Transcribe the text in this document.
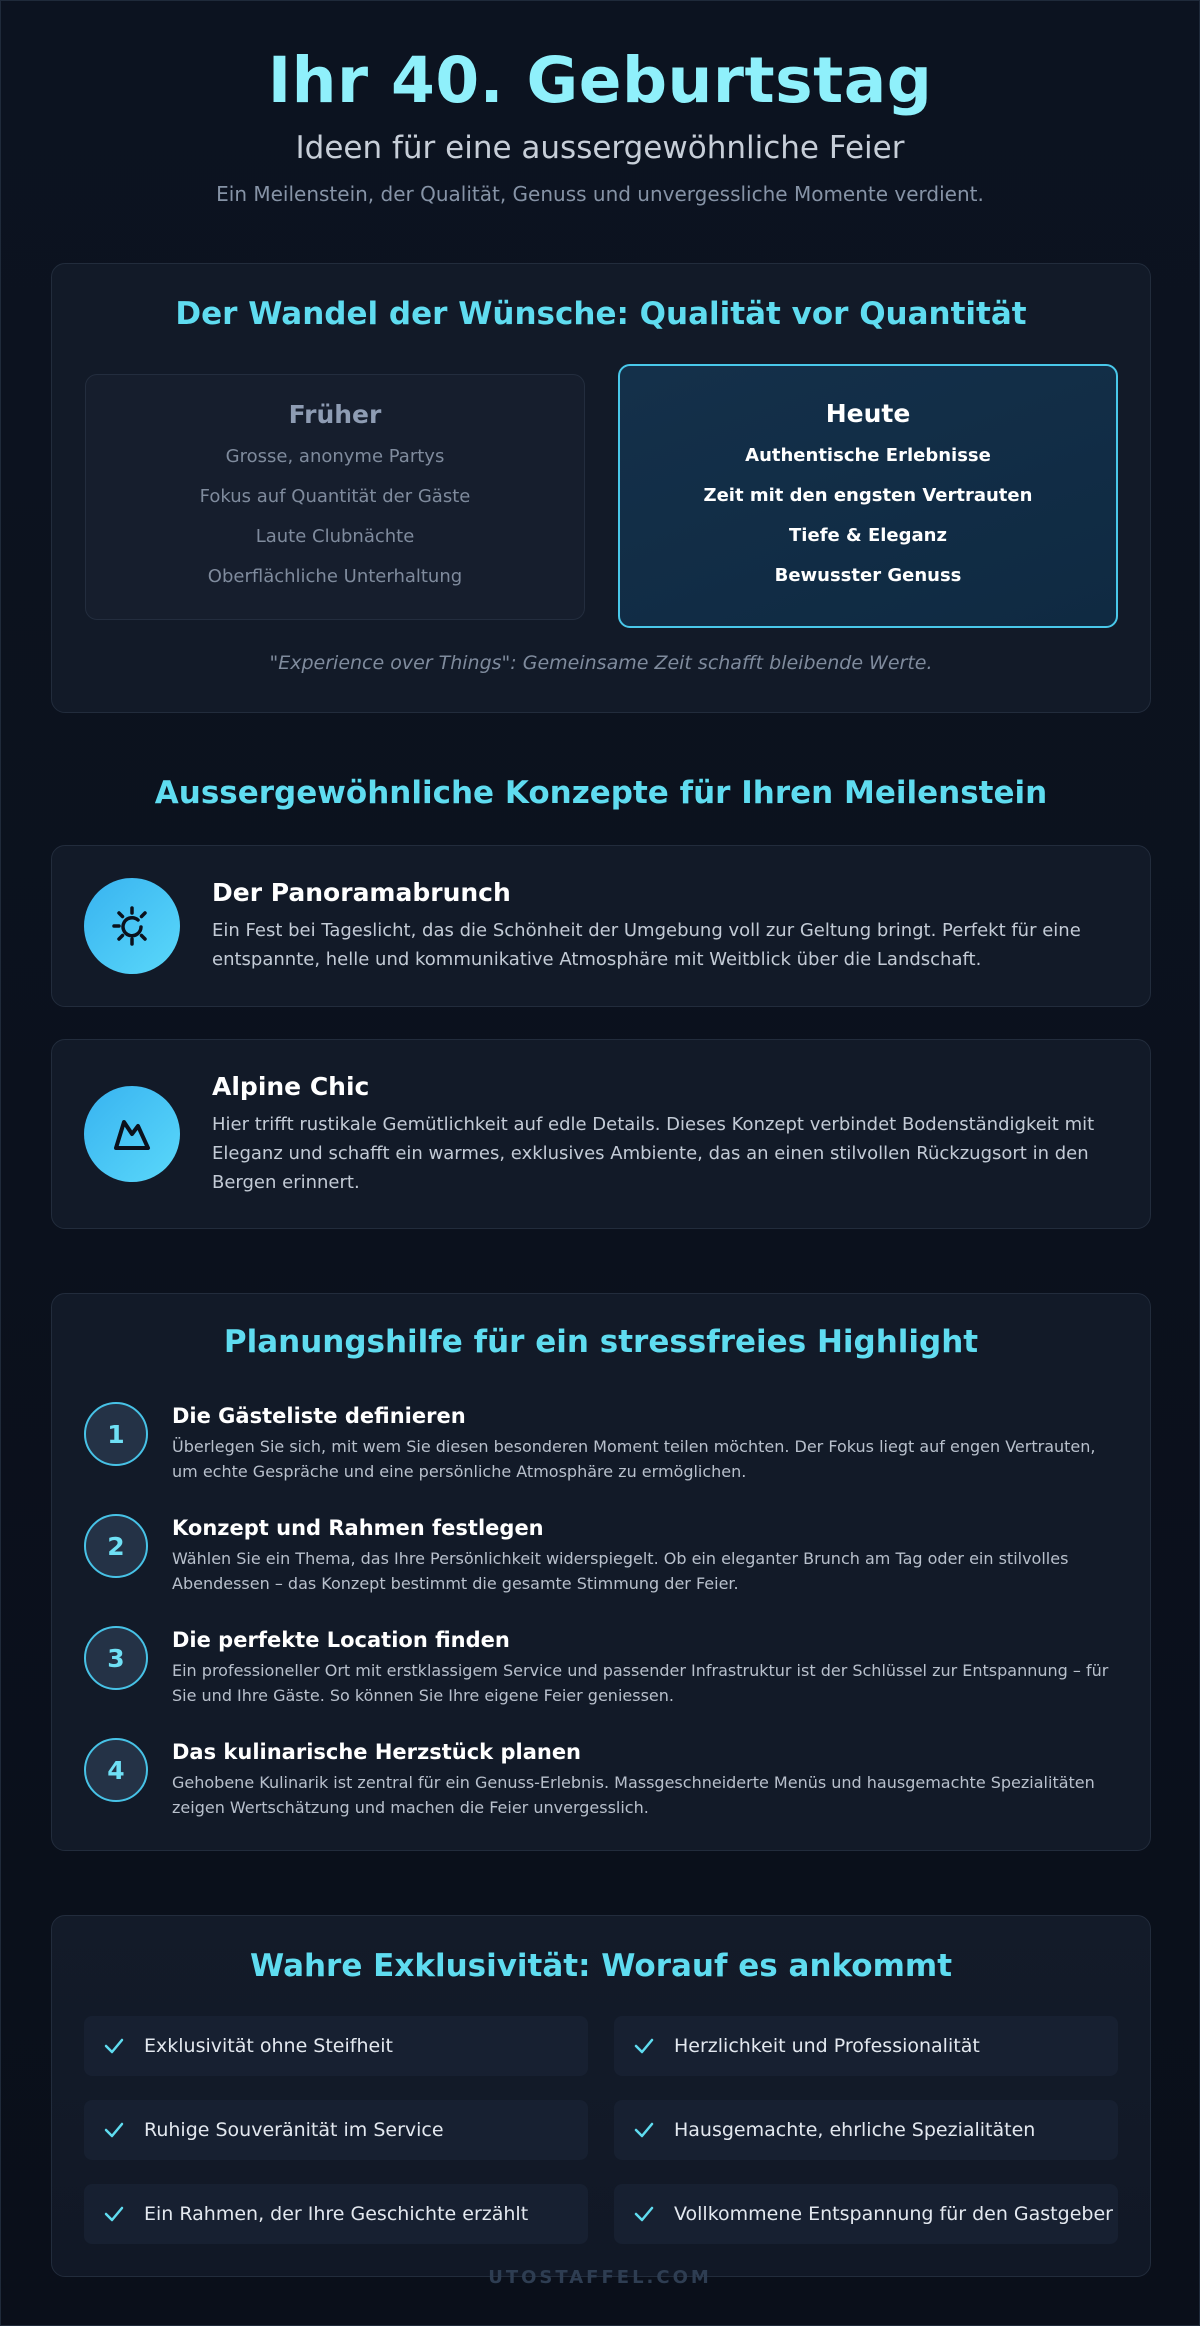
Ihr 40. Geburtstag
Ideen für eine aussergewöhnliche Feier
Ein Meilenstein, der Qualität, Genuss und unvergessliche Momente verdient.
Der Wandel der Wünsche: Qualität vor Quantität
Früher
Grosse, anonyme Partys
Fokus auf Quantität der Gäste
Laute Clubnächte
Oberflächliche Unterhaltung
Heute
Authentische Erlebnisse
Zeit mit den engsten Vertrauten
Tiefe & Eleganz
Bewusster Genuss
"Experience over Things": Gemeinsame Zeit schafft bleibende Werte.
Aussergewöhnliche Konzepte für Ihren Meilenstein
Der Panoramabrunch
Ein Fest bei Tageslicht, das die Schönheit der Umgebung voll zur Geltung bringt. Perfekt für eine entspannte, helle und kommunikative Atmosphäre mit Weitblick über die Landschaft.
Alpine Chic
Hier trifft rustikale Gemütlichkeit auf edle Details. Dieses Konzept verbindet Bodenständigkeit mit Eleganz und schafft ein warmes, exklusives Ambiente, das an einen stilvollen Rückzugsort in den Bergen erinnert.
Planungshilfe für ein stressfreies Highlight
1
Die Gästeliste definieren
Überlegen Sie sich, mit wem Sie diesen besonderen Moment teilen möchten. Der Fokus liegt auf engen Vertrauten, um echte Gespräche und eine persönliche Atmosphäre zu ermöglichen.
2
Konzept und Rahmen festlegen
Wählen Sie ein Thema, das Ihre Persönlichkeit widerspiegelt. Ob ein eleganter Brunch am Tag oder ein stilvolles Abendessen – das Konzept bestimmt die gesamte Stimmung der Feier.
3
Die perfekte Location finden
Ein professioneller Ort mit erstklassigem Service und passender Infrastruktur ist der Schlüssel zur Entspannung – für Sie und Ihre Gäste. So können Sie Ihre eigene Feier geniessen.
4
Das kulinarische Herzstück planen
Gehobene Kulinarik ist zentral für ein Genuss-Erlebnis. Massgeschneiderte Menüs und hausgemachte Spezialitäten zeigen Wertschätzung und machen die Feier unvergesslich.
Wahre Exklusivität: Worauf es ankommt
Exklusivität ohne Steifheit	Herzlichkeit und Professionalität
Ruhige Souveränität im Service	Hausgemachte, ehrliche Spezialitäten
Ein Rahmen, der Ihre Geschichte erzählt	Vollkommene Entspannung für den Gastgeber
UTOSTAFFEL.COM
